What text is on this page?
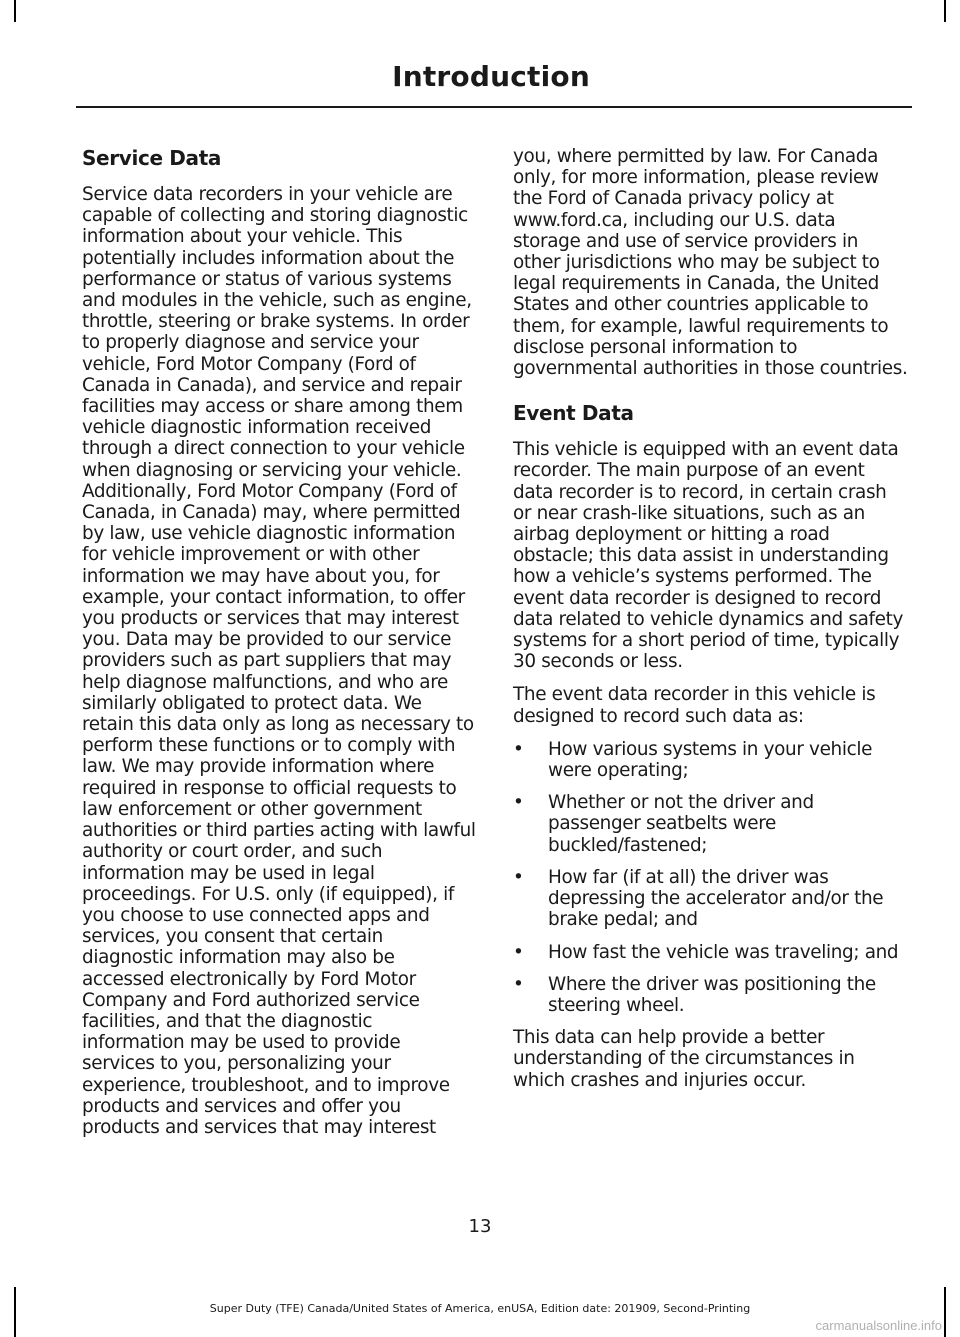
Introduction
Service Data

Service data recorders in your vehicle are capable of collecting and storing diagnostic information about your vehicle. This potentially includes information about the performance or status of various systems and modules in the vehicle, such as engine, throttle, steering or brake systems. In order to properly diagnose and service your vehicle, Ford Motor Company (Ford of Canada in Canada), and service and repair facilities may access or share among them vehicle diagnostic information received through a direct connection to your vehicle when diagnosing or servicing your vehicle. Additionally, Ford Motor Company (Ford of Canada, in Canada) may, where permitted by law, use vehicle diagnostic information for vehicle improvement or with other information we may have about you, for example, your contact information, to offer you products or services that may interest you. Data may be provided to our service providers such as part suppliers that may help diagnose malfunctions, and who are similarly obligated to protect data. We retain this data only as long as necessary to perform these functions or to comply with law. We may provide information where required in response to official requests to law enforcement or other government authorities or third parties acting with lawful authority or court order, and such information may be used in legal proceedings. For U.S. only (if equipped), if you choose to use connected apps and services, you consent that certain diagnostic information may also be accessed electronically by Ford Motor Company and Ford authorized service facilities, and that the diagnostic information may be used to provide services to you, personalizing your experience, troubleshoot, and to improve products and services and offer you products and services that may interest

you, where permitted by law. For Canada only, for more information, please review the Ford of Canada privacy policy at www.ford.ca, including our U.S. data storage and use of service providers in other jurisdictions who may be subject to legal requirements in Canada, the United States and other countries applicable to them, for example, lawful requirements to disclose personal information to governmental authorities in those countries.

Event Data

This vehicle is equipped with an event data recorder. The main purpose of an event data recorder is to record, in certain crash or near crash-like situations, such as an airbag deployment or hitting a road obstacle; this data assist in understanding how a vehicle’s systems performed. The event data recorder is designed to record data related to vehicle dynamics and safety systems for a short period of time, typically 30 seconds or less.

The event data recorder in this vehicle is designed to record such data as:

• How various systems in your vehicle were operating;
• Whether or not the driver and passenger seatbelts were buckled/fastened;
• How far (if at all) the driver was depressing the accelerator and/or the brake pedal; and
• How fast the vehicle was traveling; and
• Where the driver was positioning the steering wheel.

This data can help provide a better understanding of the circumstances in which crashes and injuries occur.

13
Super Duty (TFE) Canada/United States of America, enUSA, Edition date: 201909, Second-Printing
carmanualsonline.info
